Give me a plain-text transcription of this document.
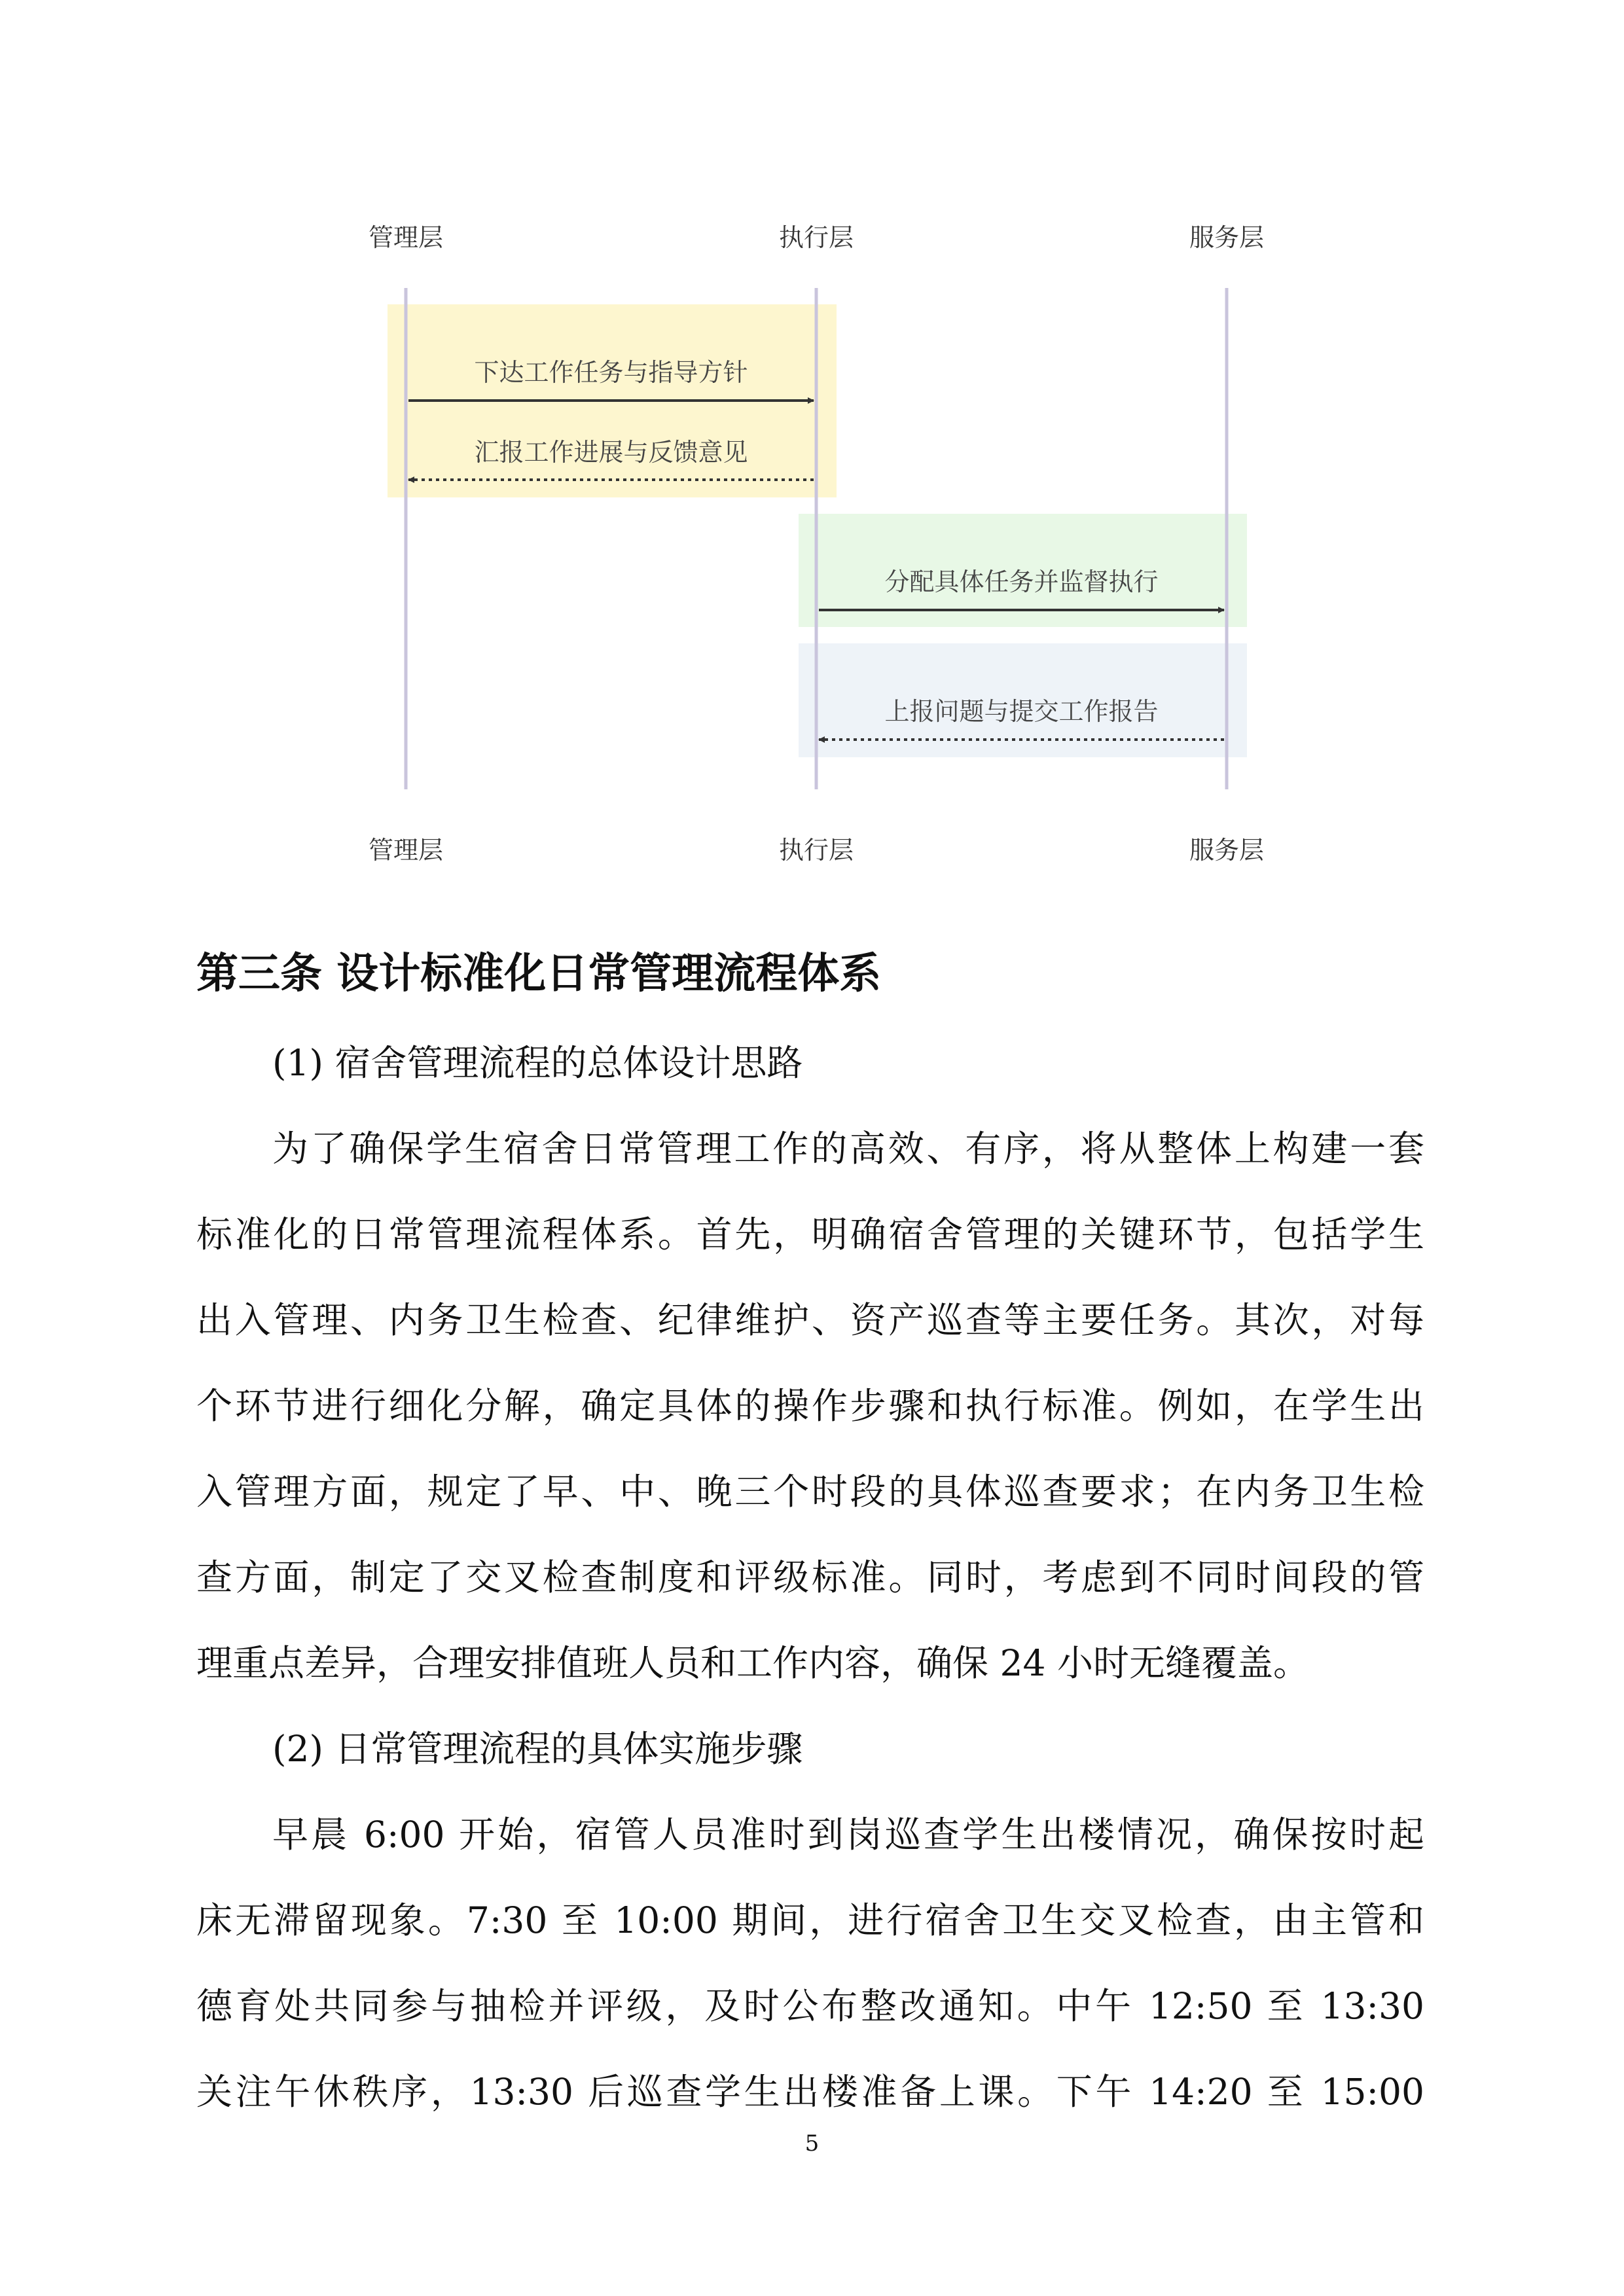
管理层	执行层	服务层
管理层	执行层	服务层
下达工作任务与指导方针
汇报工作进展与反馈意见
分配具体任务并监督执行
上报问题与提交工作报告
第三条 设计标准化日常管理流程体系
(1) 宿舍管理流程的总体设计思路
为了确保学生宿舍日常管理工作的高效、有序，将从整体上构建一套
标准化的日常管理流程体系。首先，明确宿舍管理的关键环节，包括学生
出入管理、内务卫生检查、纪律维护、资产巡查等主要任务。其次，对每
个环节进行细化分解，确定具体的操作步骤和执行标准。例如，在学生出
入管理方面，规定了早、中、晚三个时段的具体巡查要求；在内务卫生检
查方面，制定了交叉检查制度和评级标准。同时，考虑到不同时间段的管
理重点差异，合理安排值班人员和工作内容，确保 24 小时无缝覆盖。
(2) 日常管理流程的具体实施步骤
早晨 6:00 开始，宿管人员准时到岗巡查学生出楼情况，确保按时起
床无滞留现象。7:30 至 10:00 期间，进行宿舍卫生交叉检查，由主管和
德育处共同参与抽检并评级，及时公布整改通知。中午 12:50 至 13:30
关注午休秩序，13:30 后巡查学生出楼准备上课。下午 14:20 至 15:00
5
